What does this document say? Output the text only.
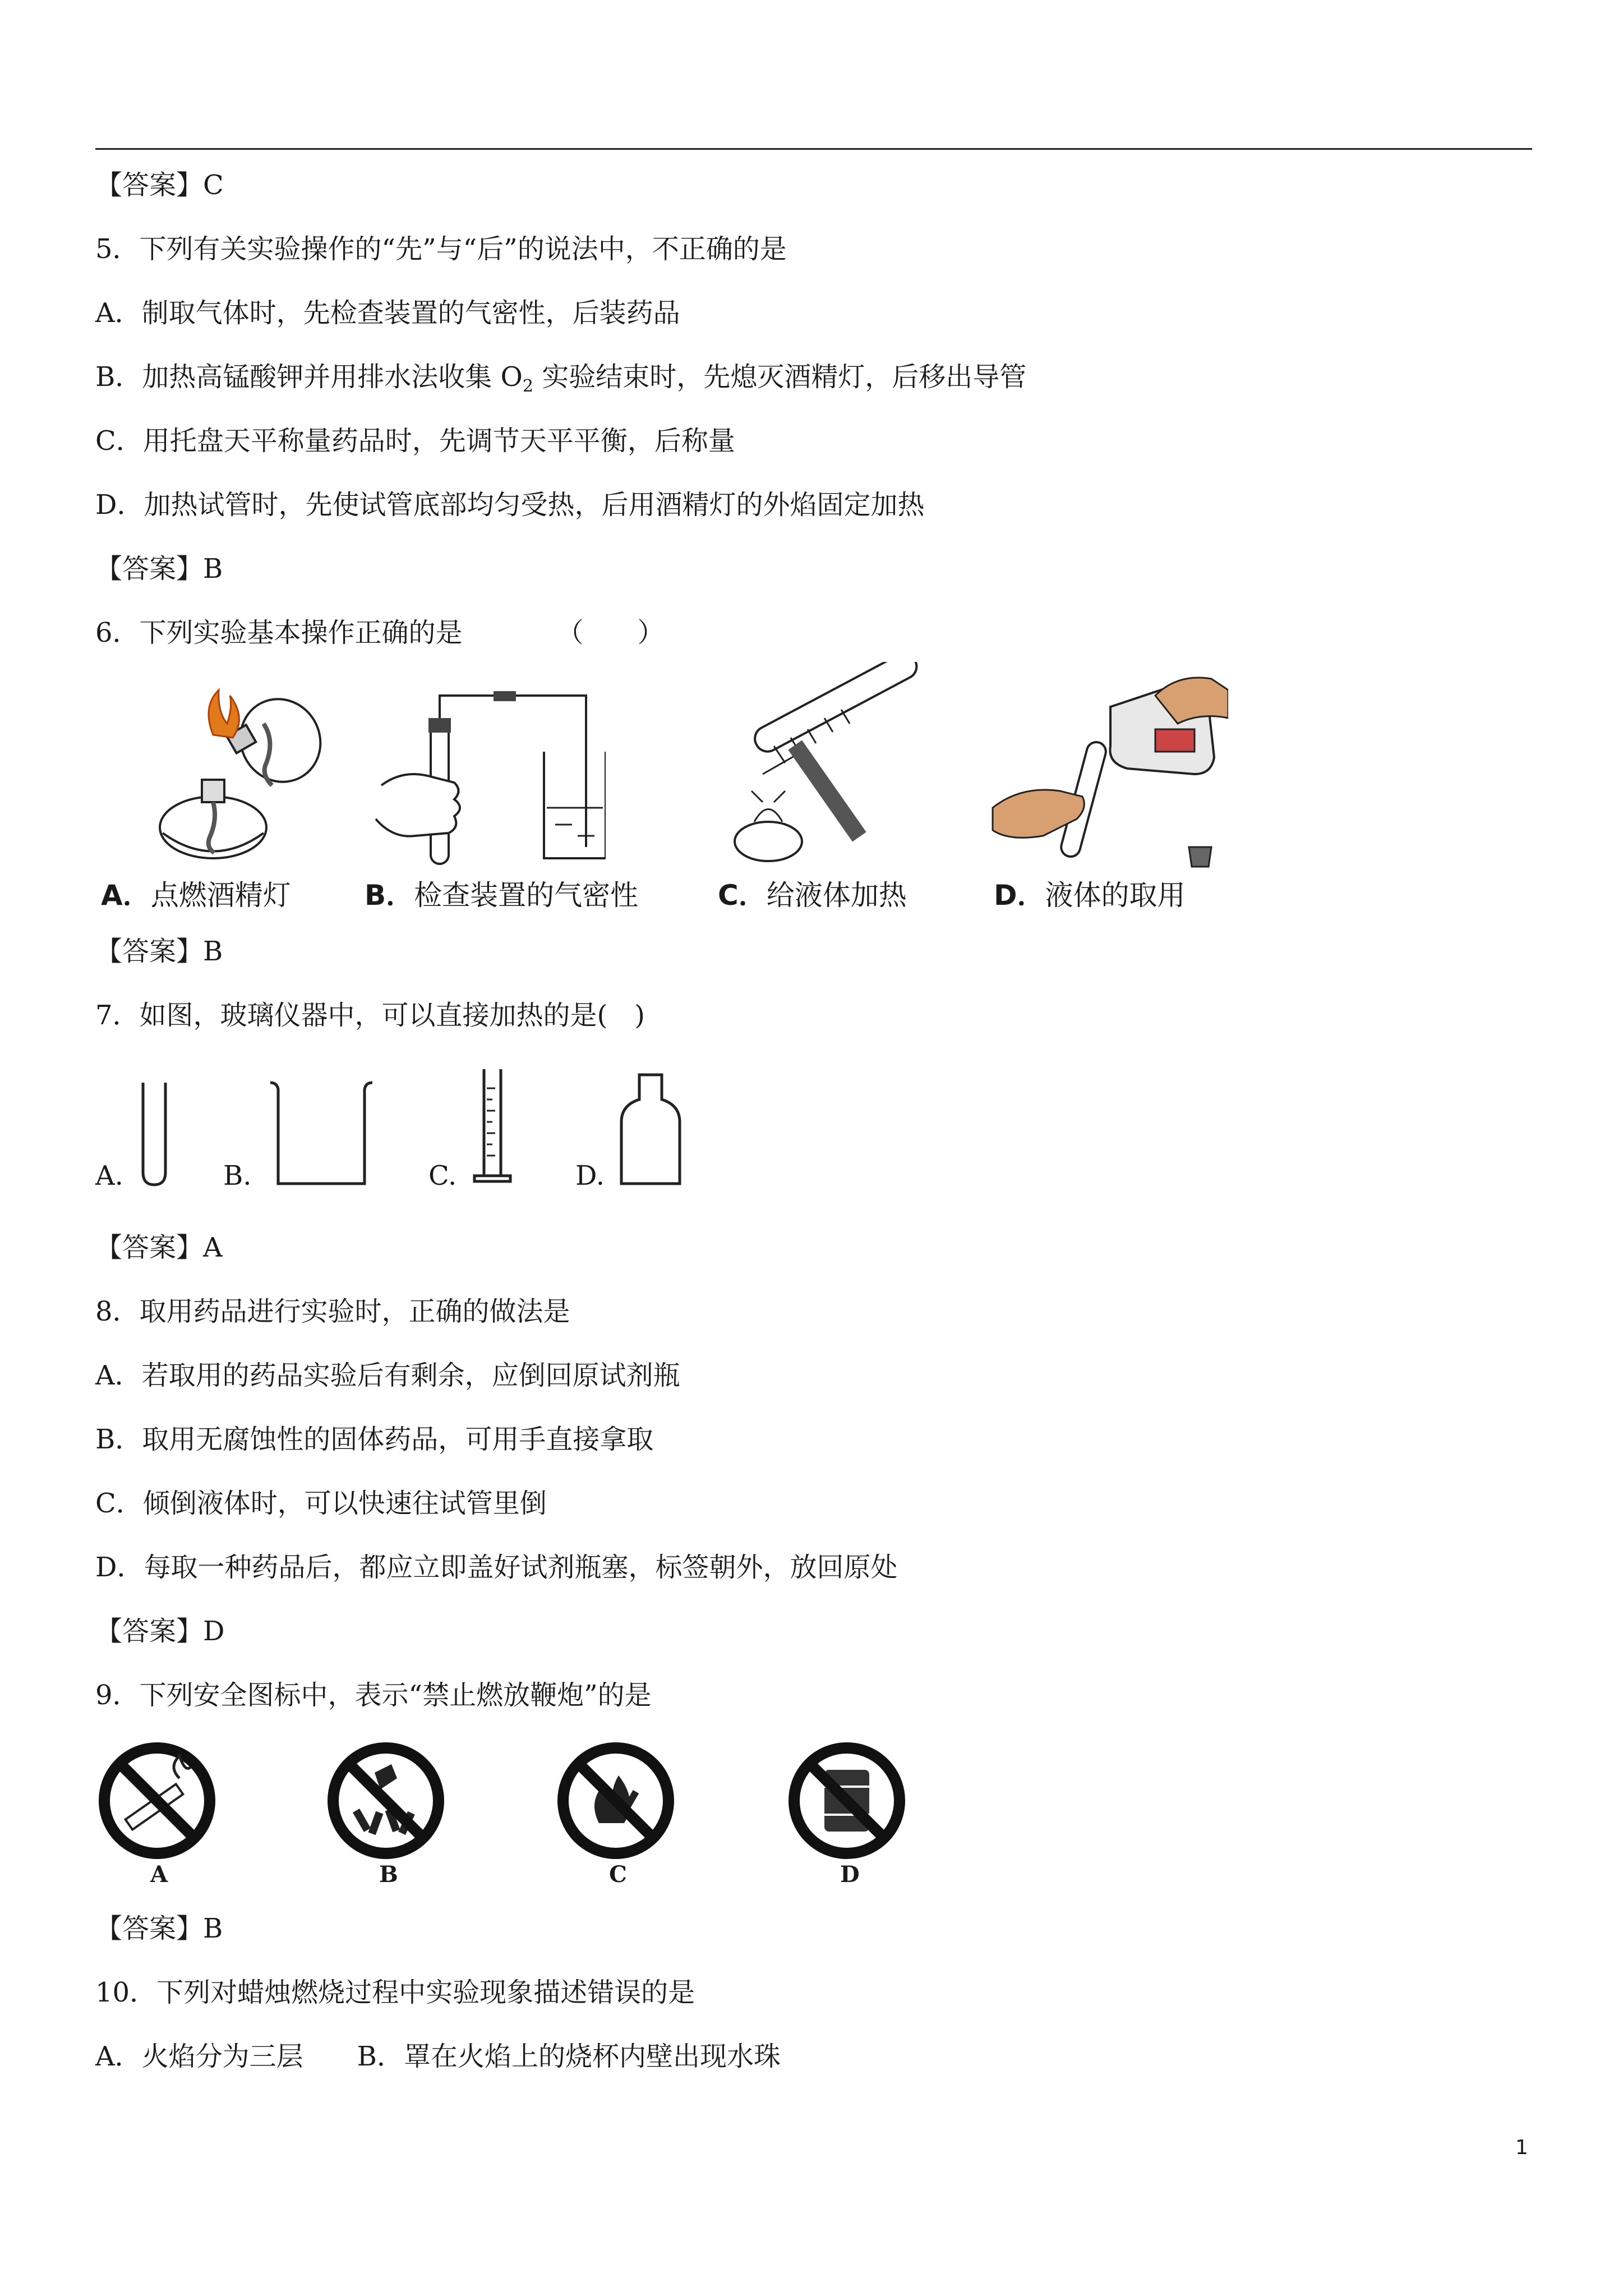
【答案】C
5．下列有关实验操作的“先”与“后”的说法中，不正确的是
A．制取气体时，先检查装置的气密性，后装药品
B．加热高锰酸钾并用排水法收集 $O_2$ 实验结束时，先熄灭酒精灯，后移出导管
C．用托盘天平称量药品时，先调节天平平衡，后称量
D．加热试管时，先使试管底部均匀受热，后用酒精灯的外焰固定加热
【答案】B
6．下列实验基本操作正确的是　　　　（　　）
A．点燃酒精灯	B．检查装置的气密性	C．给液体加热	D．液体的取用
【答案】B
7．如图，玻璃仪器中，可以直接加热的是(　)
A.	B.	C.	D.
【答案】A
8．取用药品进行实验时，正确的做法是
A．若取用的药品实验后有剩余，应倒回原试剂瓶
B．取用无腐蚀性的固体药品，可用手直接拿取
C．倾倒液体时，可以快速往试管里倒
D．每取一种药品后，都应立即盖好试剂瓶塞，标签朝外，放回原处
【答案】D
9．下列安全图标中，表示“禁止燃放鞭炮”的是
A	B	C	D
【答案】B
10．下列对蜡烛燃烧过程中实验现象描述错误的是
A．火焰分为三层　　B．罩在火焰上的烧杯内壁出现水珠
1
